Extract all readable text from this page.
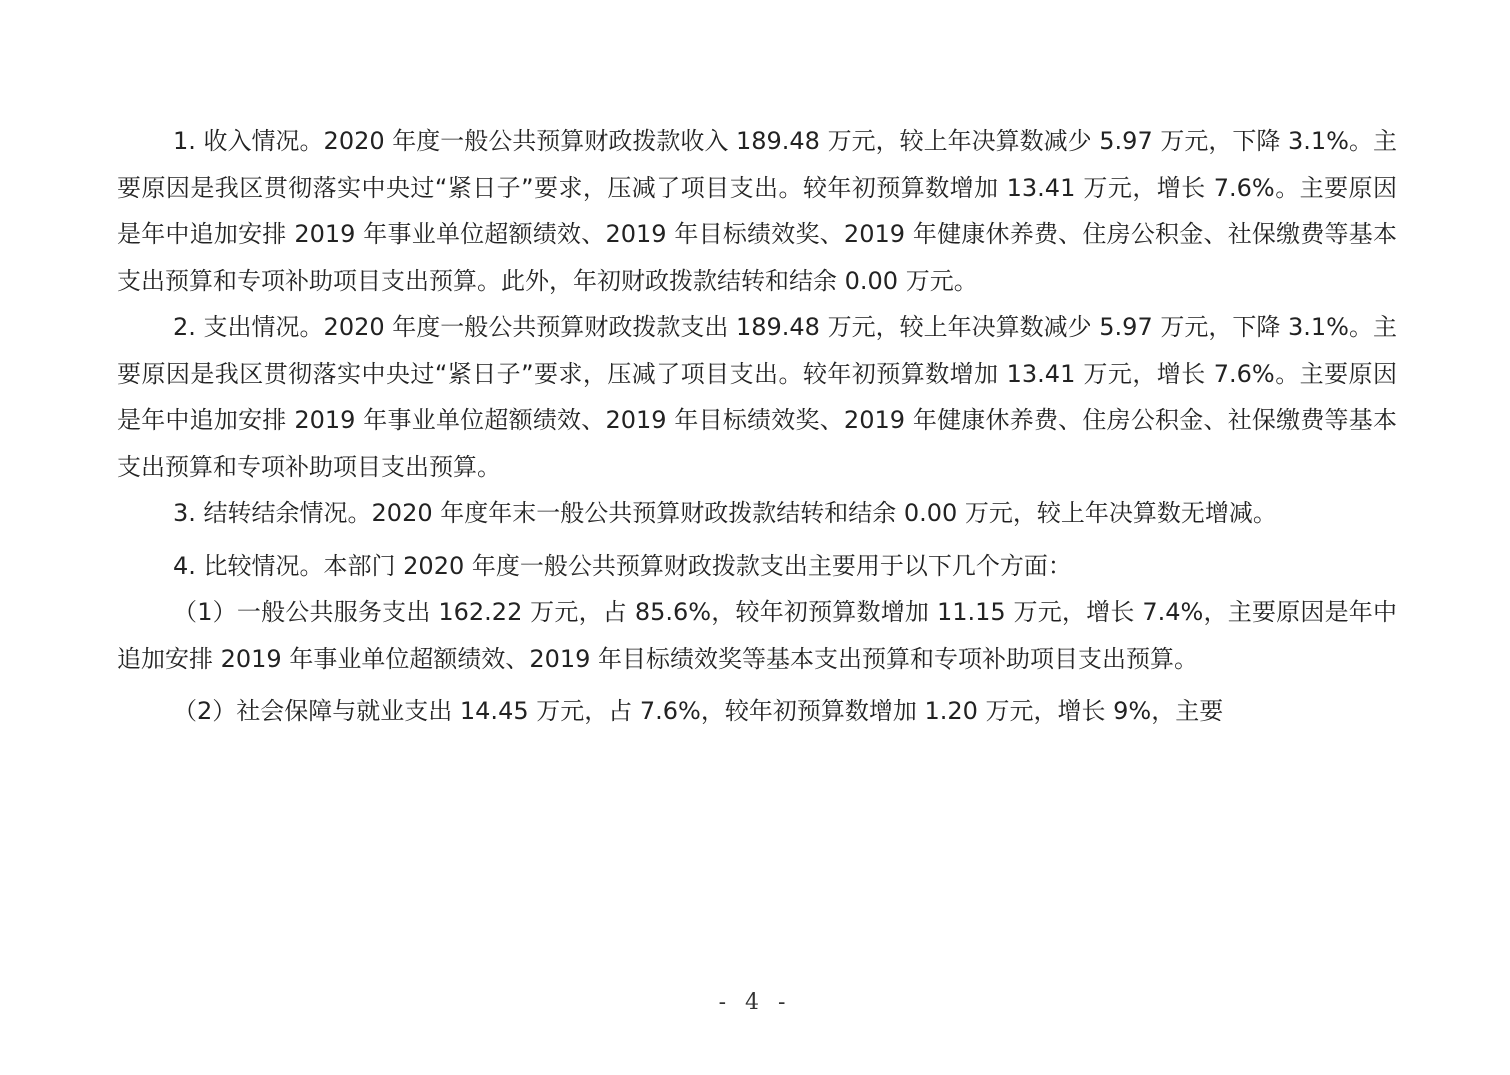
1. 收入情况。2020 年度一般公共预算财政拨款收入 189.48 万元，较上年决算数减少 5.97 万元，下降 3.1%。主要原因是我区贯彻落实中央过“紧日子”要求，压减了项目支出。较年初预算数增加 13.41 万元，增长 7.6%。主要原因是年中追加安排 2019 年事业单位超额绩效、2019 年目标绩效奖、2019 年健康休养费、住房公积金、社保缴费等基本支出预算和专项补助项目支出预算。此外，年初财政拨款结转和结余 0.00 万元。

2. 支出情况。2020 年度一般公共预算财政拨款支出 189.48 万元，较上年决算数减少 5.97 万元，下降 3.1%。主要原因是我区贯彻落实中央过“紧日子”要求，压减了项目支出。较年初预算数增加 13.41 万元，增长 7.6%。主要原因是年中追加安排 2019 年事业单位超额绩效、2019 年目标绩效奖、2019 年健康休养费、住房公积金、社保缴费等基本支出预算和专项补助项目支出预算。

3. 结转结余情况。2020 年度年末一般公共预算财政拨款结转和结余 0.00 万元，较上年决算数无增减。

4. 比较情况。本部门 2020 年度一般公共预算财政拨款支出主要用于以下几个方面：

（1）一般公共服务支出 162.22 万元，占 85.6%，较年初预算数增加 11.15 万元，增长 7.4%，主要原因是年中追加安排 2019 年事业单位超额绩效、2019 年目标绩效奖等基本支出预算和专项补助项目支出预算。

（2）社会保障与就业支出 14.45 万元，占 7.6%，较年初预算数增加 1.20 万元，增长 9%，主要

- 4 -
